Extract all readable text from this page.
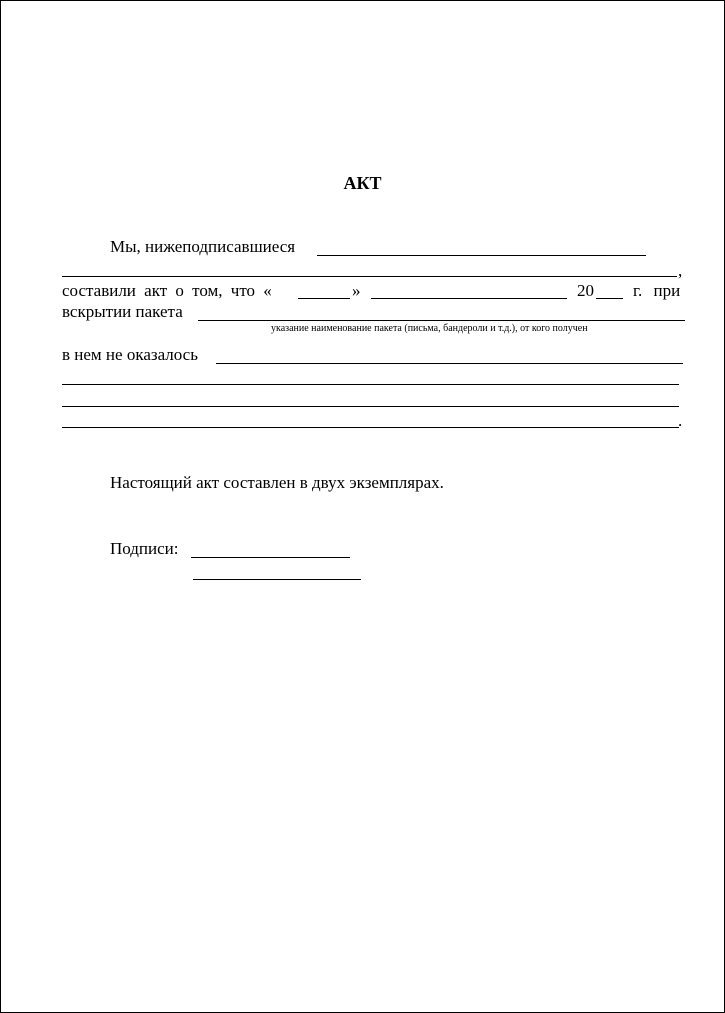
АКТ
Мы, нижеподписавшиеся
,
составили акт о том, что «	»	20 г. при
вскрытии пакета
указание наименование пакета (письма, бандероли и т.д.), от кого получен
в нем не оказалось
.
Настоящий акт составлен в двух экземплярах.
Подписи:
